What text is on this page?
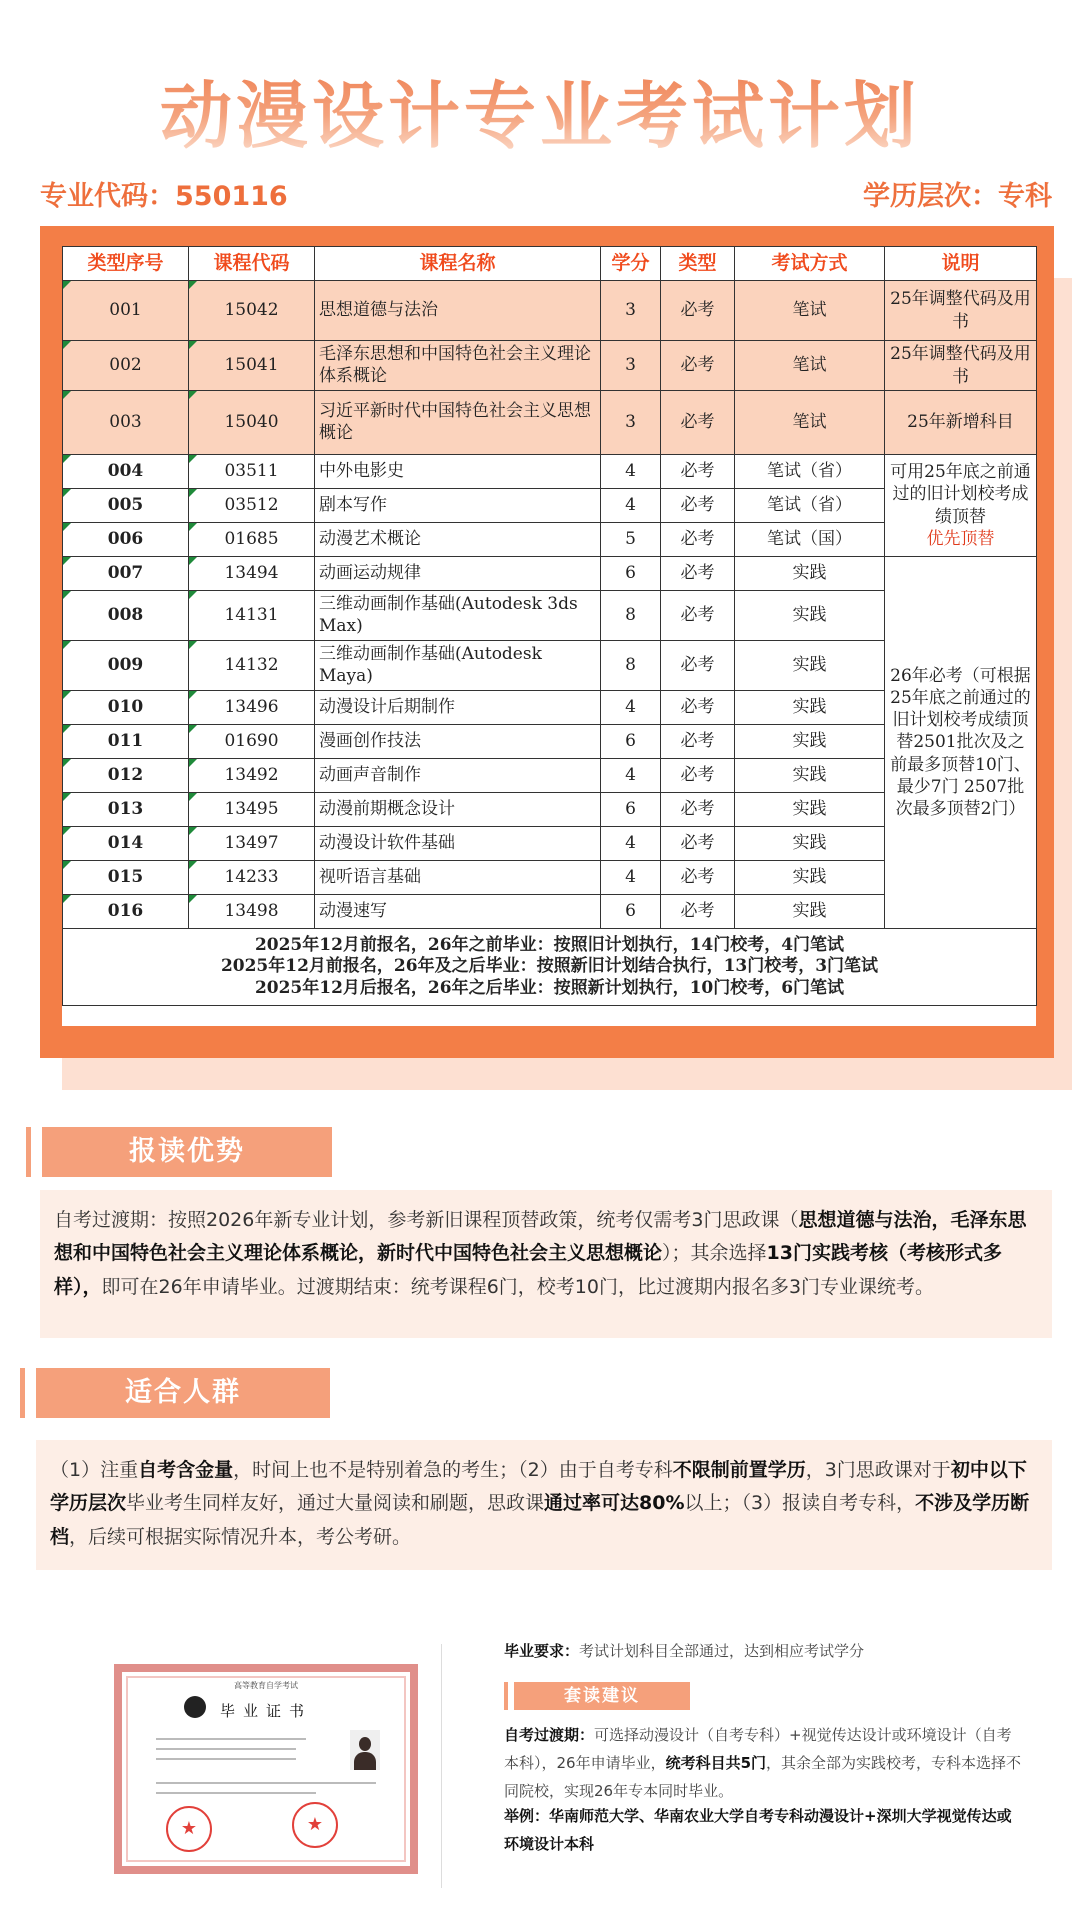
动漫设计专业考试计划
专业代码：550116	学历层次：专科
类型序号	课程代码	课程名称	学分	类型	考试方式	说明
001	15042	思想道德与法治	3	必考	笔试	25年调整代码及用书
002	15041	毛泽东思想和中国特色社会主义理论体系概论	3	必考	笔试	25年调整代码及用书
003	15040	习近平新时代中国特色社会主义思想概论	3	必考	笔试	25年新增科目
004	03511	中外电影史	4	必考	笔试（省）	可用25年底之前通过的旧计划校考成绩顶替
优先顶替
005	03512	剧本写作	4	必考	笔试（省）	
006	01685	动漫艺术概论	5	必考	笔试（国）	
007	13494	动画运动规律	6	必考	实践	26年必考（可根据25年底之前通过的旧计划校考成绩顶替2501批次及之前最多顶替10门、最少7门 2507批次最多顶替2门）
008	14131	三维动画制作基础(Autodesk 3ds Max)	8	必考	实践	
009	14132	三维动画制作基础(Autodesk Maya)	8	必考	实践	
010	13496	动漫设计后期制作	4	必考	实践	
011	01690	漫画创作技法	6	必考	实践	
012	13492	动画声音制作	4	必考	实践	
013	13495	动漫前期概念设计	6	必考	实践	
014	13497	动漫设计软件基础	4	必考	实践	
015	14233	视听语言基础	4	必考	实践	
016	13498	动漫速写	6	必考	实践	

2025年12月前报名，26年之前毕业：按照旧计划执行，14门校考，4门笔试
2025年12月前报名，26年及之后毕业：按照新旧计划结合执行，13门校考，3门笔试
2025年12月后报名，26年之后毕业：按照新计划执行，10门校考，6门笔试						
报读优势
自考过渡期：按照2026年新专业计划，参考新旧课程顶替政策，统考仅需考3门思政课（思想道德与法治，毛泽东思想和中国特色社会主义理论体系概论，新时代中国特色社会主义思想概论）；其余选择13门实践考核（考核形式多样），即可在26年申请毕业。过渡期结束：统考课程6门，校考10门，比过渡期内报名多3门专业课统考。
适合人群
（1）注重自考含金量，时间上也不是特别着急的考生；（2）由于自考专科不限制前置学历，3门思政课对于初中以下学历层次毕业考生同样友好，通过大量阅读和刷题，思政课通过率可达80%以上；（3）报读自考专科，不涉及学历断档，后续可根据实际情况升本，考公考研。
高等教育自学考试
毕业证书
★
★
毕业要求：考试计划科目全部通过，达到相应考试学分
套读建议
自考过渡期：可选择动漫设计（自考专科）+视觉传达设计或环境设计（自考本科），26年申请毕业，统考科目共5门，其余全部为实践校考，专科本选择不同院校，实现26年专本同时毕业。
举例：华南师范大学、华南农业大学自考专科动漫设计+深圳大学视觉传达或环境设计本科
